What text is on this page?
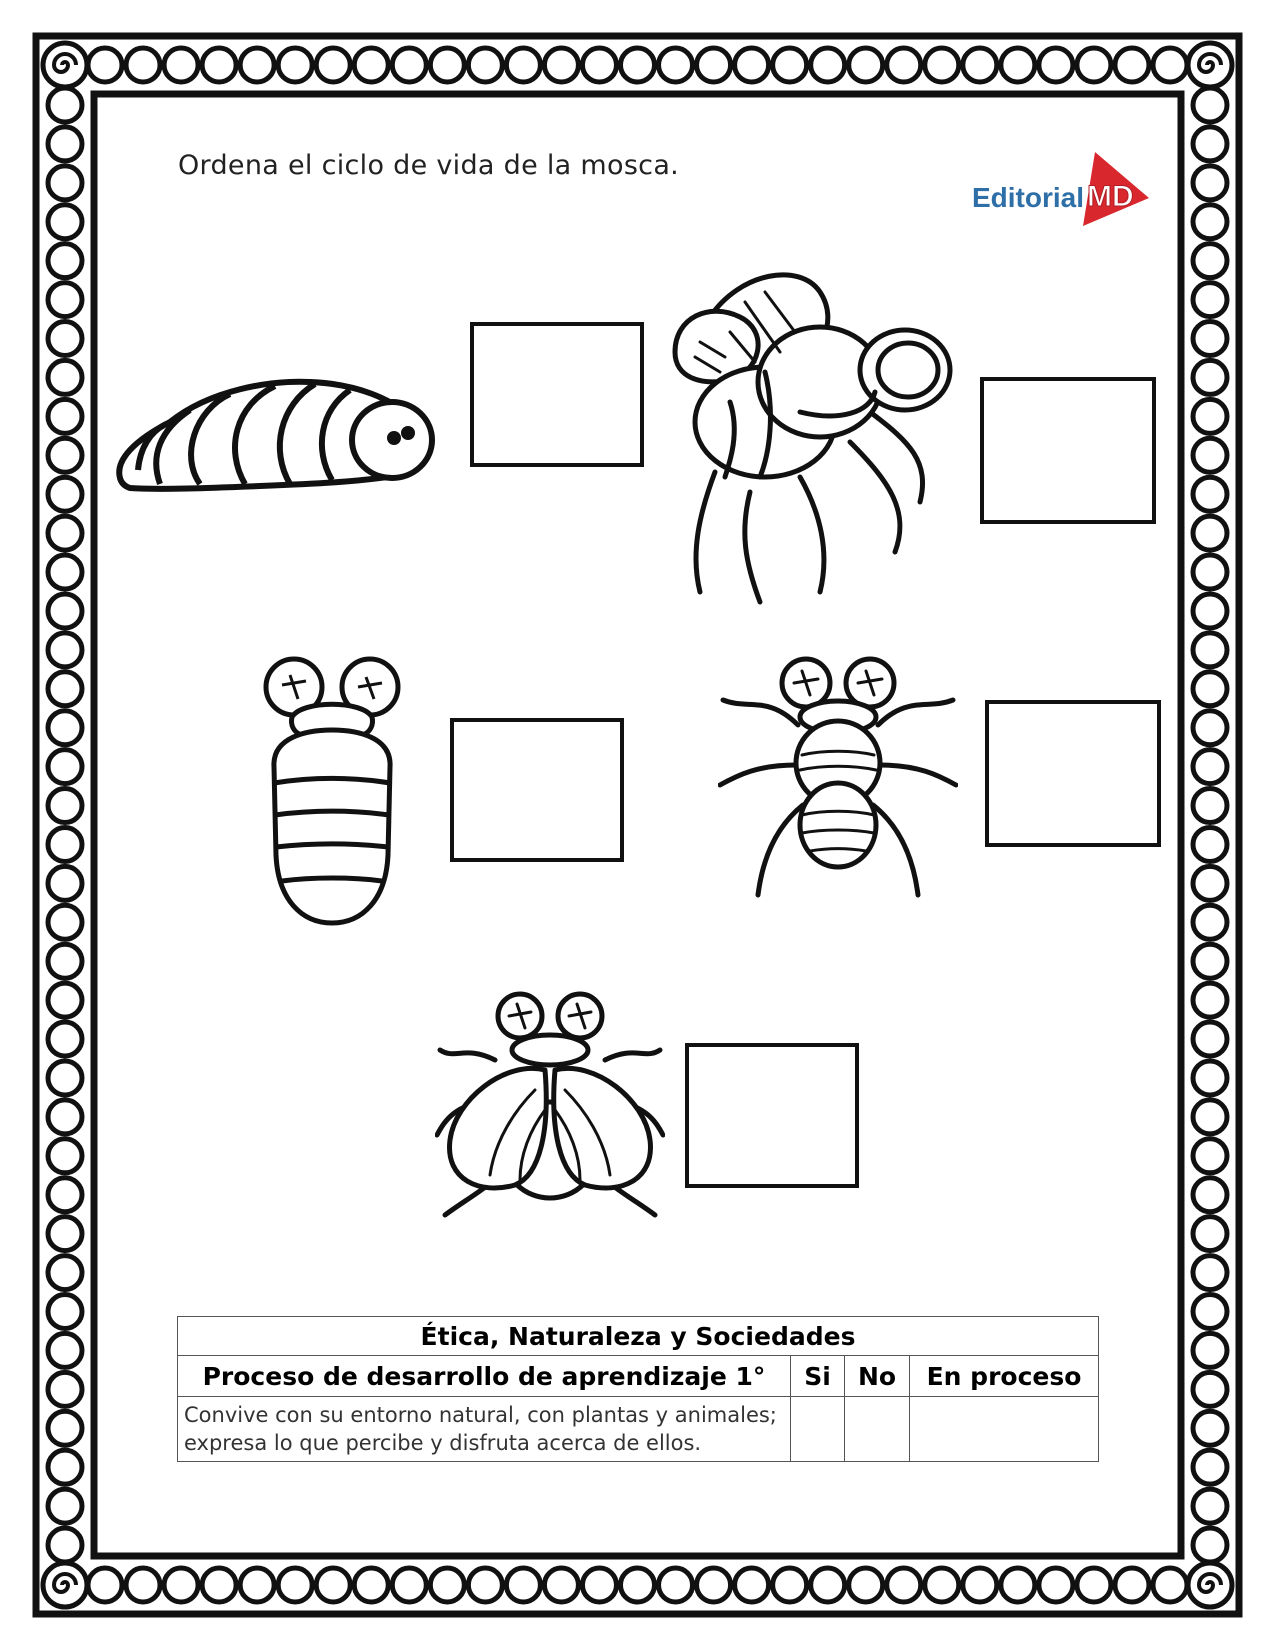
Ordena el ciclo de vida de la mosca.
Editorial MD
Ética, Naturaleza y Sociedades			
Proceso de desarrollo de aprendizaje 1°	Si	No	En proceso
Convive con su entorno natural, con plantas y animales; expresa lo que percibe y disfruta acerca de ellos.			
